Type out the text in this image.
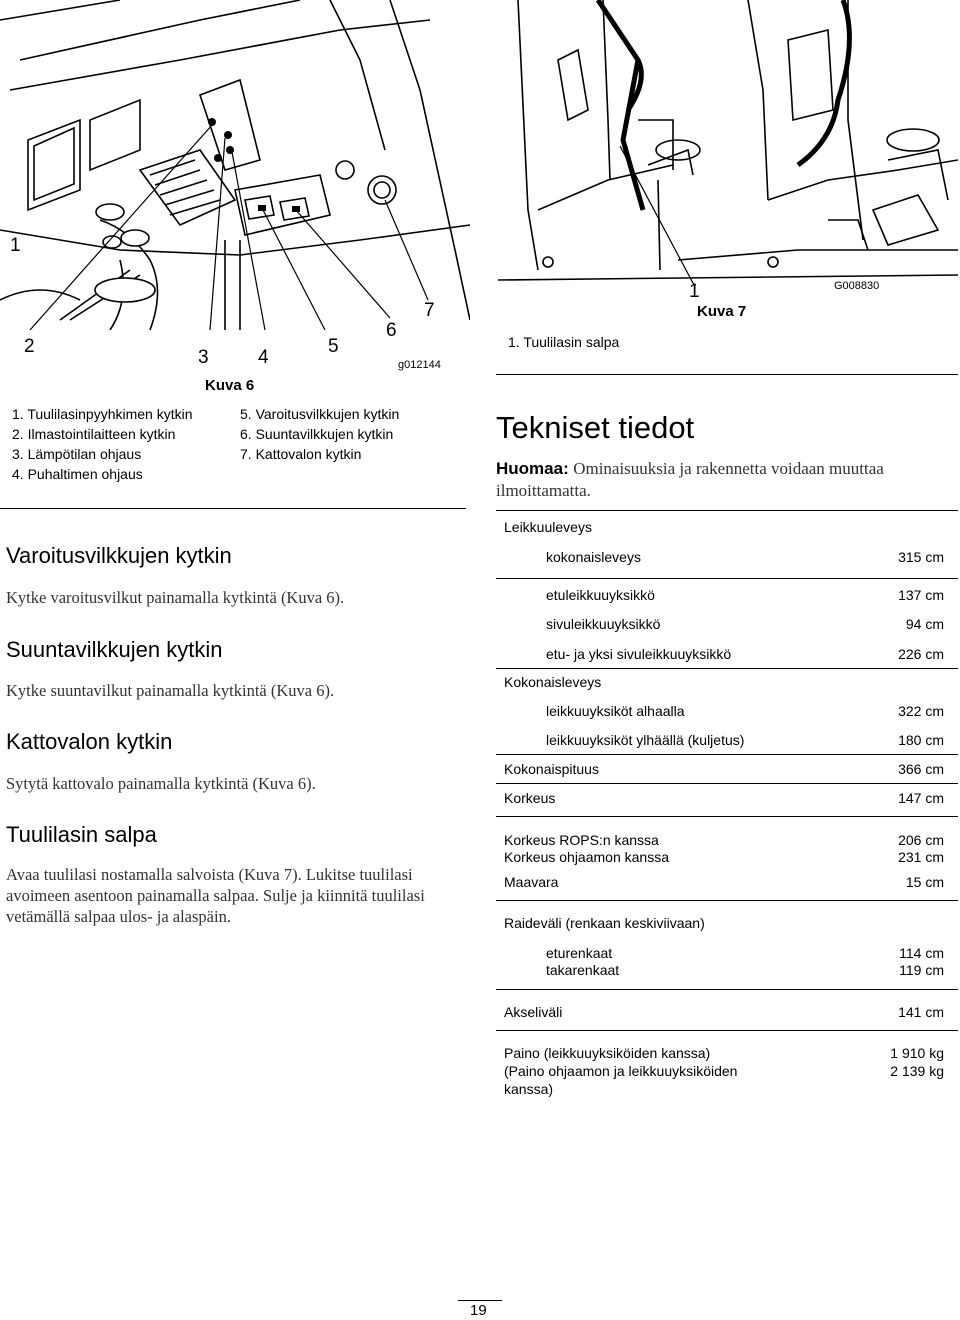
1
2
3	4
5
6
7
g012144
Kuva 6
1. Tuulilasinpyyhkimen kytkin
2. Ilmastointilaitteen kytkin
3. Lämpötilan ohjaus
4. Puhaltimen ohjaus
5. Varoitusvilkkujen kytkin
6. Suuntavilkkujen kytkin
7. Kattovalon kytkin
Varoitusvilkkujen kytkin

Kytke varoitusvilkut painamalla kytkintä (Kuva 6).

Suuntavilkkujen kytkin

Kytke suuntavilkut painamalla kytkintä (Kuva 6).

Kattovalon kytkin

Sytytä kattovalo painamalla kytkintä (Kuva 6).

Tuulilasin salpa

Avaa tuulilasi nostamalla salvoista (Kuva 7). Lukitse tuulilasi avoimeen asentoon painamalla salpaa. Sulje ja kiinnitä tuulilasi vetämällä salpaa ulos- ja alaspäin.

1	G008830
Kuva 7
1. Tuulilasin salpa
Tekniset tiedot
Huomaa: Ominaisuuksia ja rakennetta voidaan muuttaa ilmoittamatta.
Leikkuuleveys
kokonaisleveys	315 cm
etuleikkuuyksikkö	137 cm
sivuleikkuuyksikkö	94 cm
etu- ja yksi sivuleikkuuyksikkö	226 cm
Kokonaisleveys
leikkuuyksiköt alhaalla	322 cm
leikkuuyksiköt ylhäällä (kuljetus)	180 cm
Kokonaispituus	366 cm
Korkeus	147 cm
Korkeus ROPS:n kanssa	206 cm
Korkeus ohjaamon kanssa	231 cm
Maavara	15 cm
Raideväli (renkaan keskiviivaan)
eturenkaat	114 cm
takarenkaat	119 cm
Akseliväli	141 cm
Paino (leikkuuyksiköiden kanssa)	1 910 kg
(Paino ohjaamon ja leikkuuyksiköiden	2 139 kg
kanssa)
19
